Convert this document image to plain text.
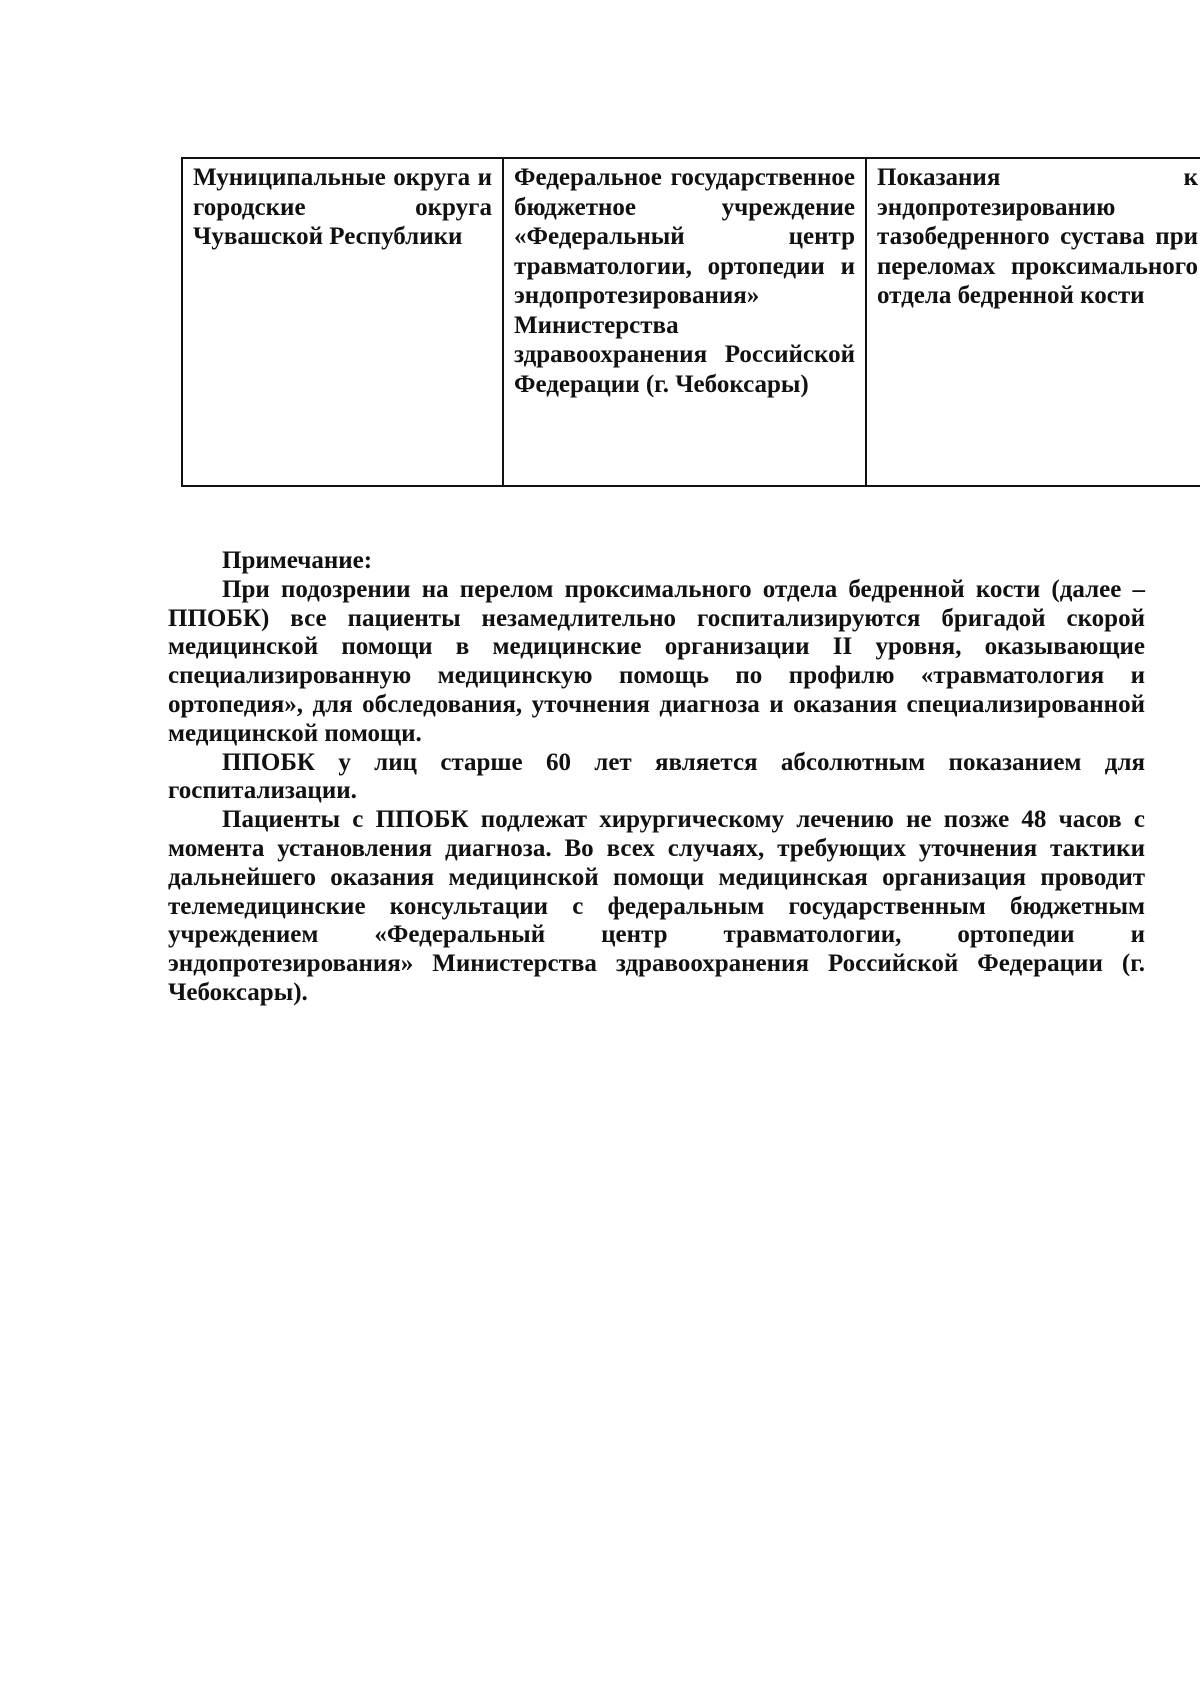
Муниципальные округа и городские округа Чувашской Республики	Федеральное государственное бюджетное учреждение «Федеральный центр травматологии, ортопедии и эндопротезирования» Министерства здравоохранения Российской Федерации (г. Чебоксары)	Показания к эндопротезированию тазобедренного сустава при переломах проксимального отдела бедренной кости

Примечание:

При подозрении на перелом проксимального отдела бедренной кости (далее – ППОБК) все пациенты незамедлительно госпитализируются бригадой скорой медицинской помощи в медицинские организации II уровня, оказывающие специализированную медицинскую помощь по профилю «травматология и ортопедия», для обследования, уточнения диагноза и оказания специализированной медицинской помощи.

ППОБК у лиц старше 60 лет является абсолютным показанием для госпитализации.

Пациенты с ППОБК подлежат хирургическому лечению не позже 48 часов с момента установления диагноза. Во всех случаях, требующих уточнения тактики дальнейшего оказания медицинской помощи медицинская организация проводит телемедицинские консультации с федеральным государственным бюджетным учреждением «Федеральный центр травматологии, ортопедии и эндопротезирования» Министерства здравоохранения Российской Федерации (г. Чебоксары).
